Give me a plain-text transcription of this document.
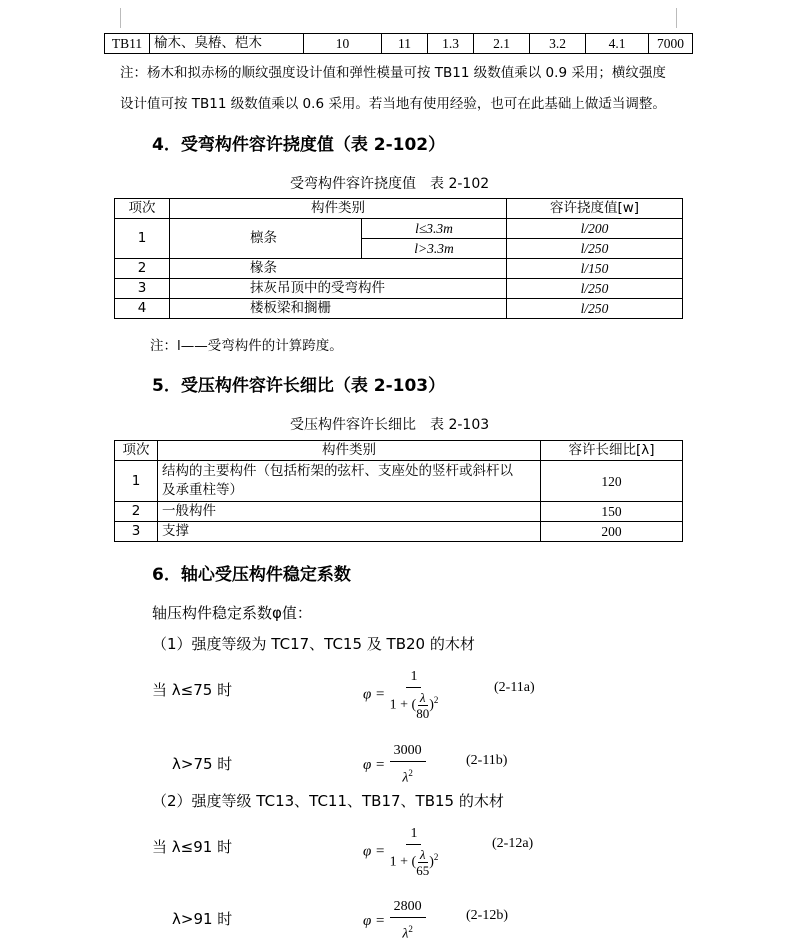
TB11	榆木、臭椿、桤木	10	11	1.3	2.1	3.2	4.1	7000
注：杨木和拟赤杨的顺纹强度设计值和弹性模量可按 TB11 级数值乘以 0.9 采用；横纹强度
设计值可按 TB11 级数值乘以 0.6 采用。若当地有使用经验，也可在此基础上做适当调整。
4．受弯构件容许挠度值（表 2-102）
受弯构件容许挠度值　表 2-102
项次	构件类别		容许挠度值[w]
1	檩条	l≤3.3m	l/200
		l>3.3m	l/250
2	椽条		l/150
3	抹灰吊顶中的受弯构件		l/250
4	楼板梁和搁栅		l/250
注：l——受弯构件的计算跨度。
5．受压构件容许长细比（表 2-103）
受压构件容许长细比　表 2-103
项次	构件类别	容许长细比[λ]
1	结构的主要构件（包括桁架的弦杆、支座处的竖杆或斜杆以
及承重柱等）	120
2	一般构件	150
3	支撑	200
6．轴心受压构件稳定系数
轴压构件稳定系数φ值：
（1）强度等级为 TC17、TC15 及 TB20 的木材
当 λ≤75 时	$\varphi = \frac{1}{1 + ( \frac{\lambda}{80} )^2}$	(2-11a)
λ>75 时	$\varphi = \frac{3000}{\lambda^2}$	(2-11b)
（2）强度等级 TC13、TC11、TB17、TB15 的木材
当 λ≤91 时	$\varphi = \frac{1}{1 + ( \frac{\lambda}{65} )^2}$	(2-12a)
λ>91 时	$\varphi = \frac{2800}{\lambda^2}$	(2-12b)
